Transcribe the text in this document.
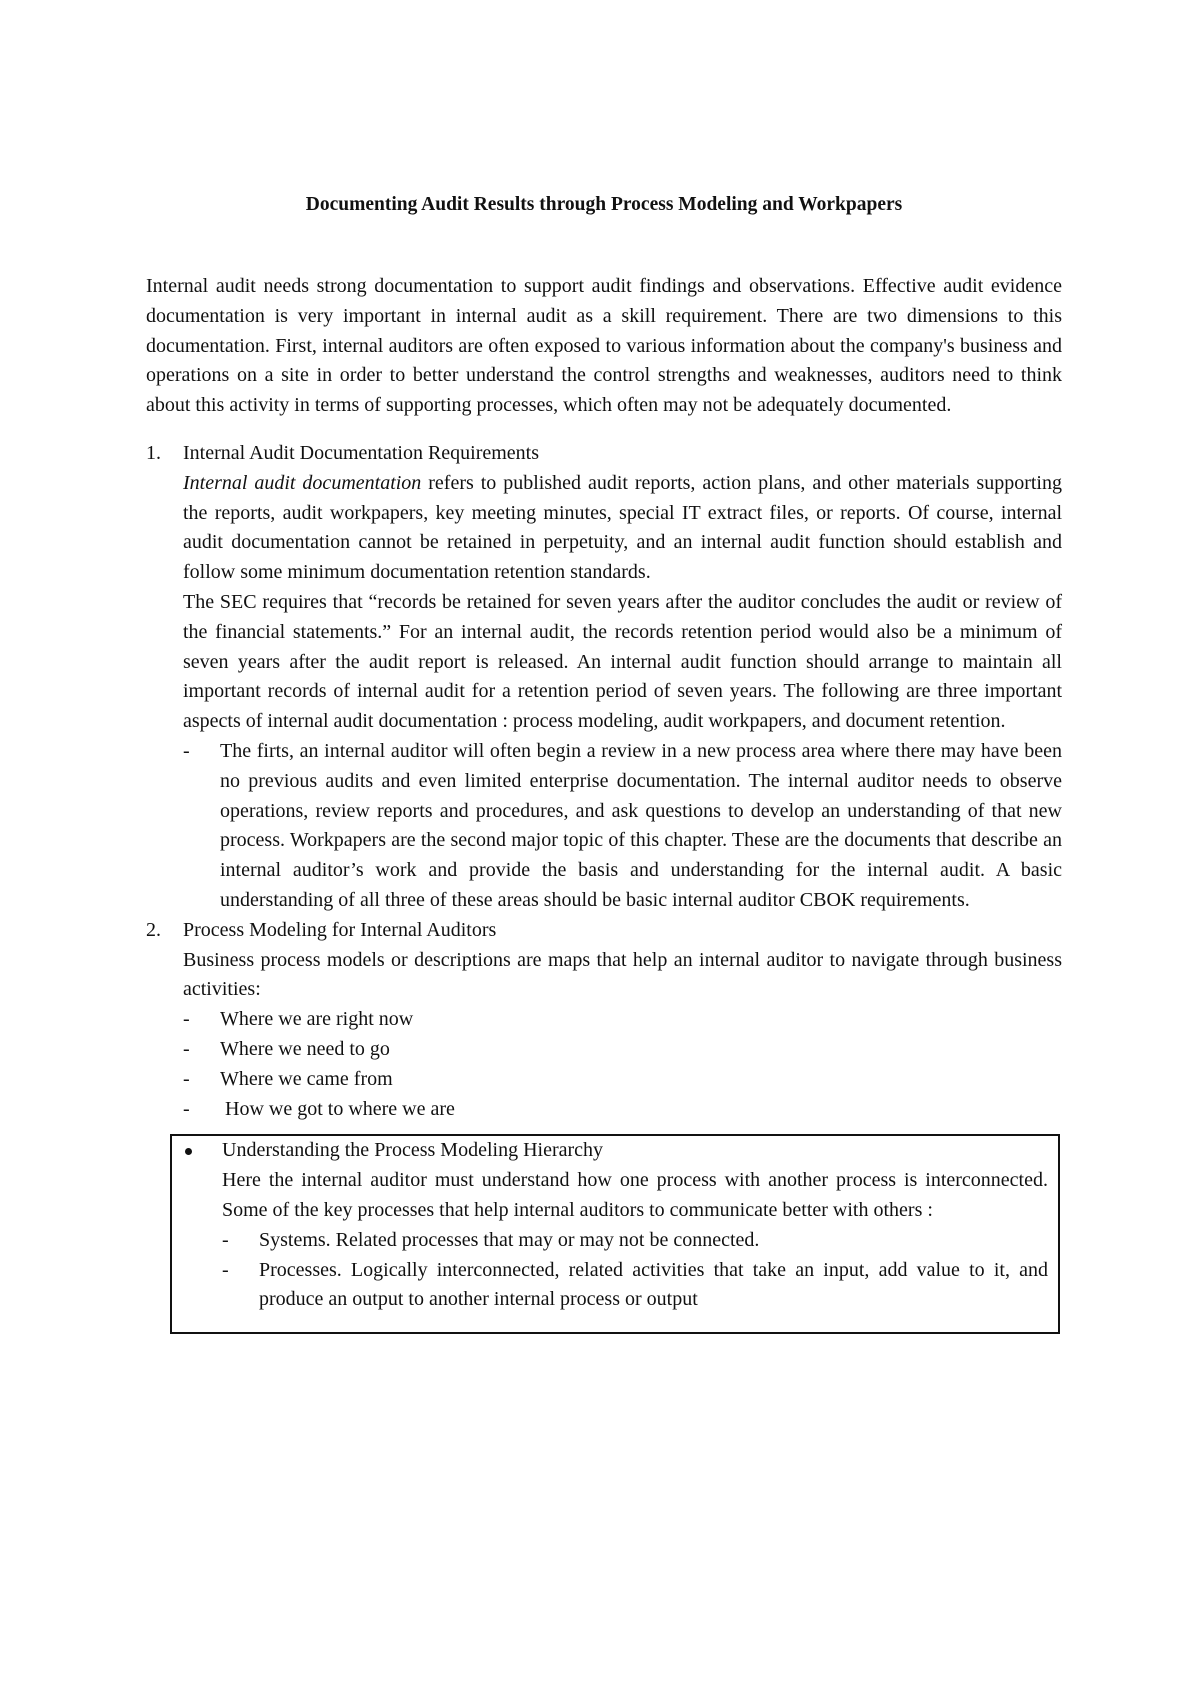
Documenting Audit Results through Process Modeling and Workpapers

Internal audit needs strong documentation to support audit findings and observations. Effective audit evidence documentation is very important in internal audit as a skill requirement. There are two dimensions to this documentation. First, internal auditors are often exposed to various information about the company's business and operations on a site in order to better understand the control strengths and weaknesses, auditors need to think about this activity in terms of supporting processes, which often may not be adequately documented.

1. Internal Audit Documentation Requirements

Internal audit documentation refers to published audit reports, action plans, and other materials supporting the reports, audit workpapers, key meeting minutes, special IT extract files, or reports. Of course, internal audit documentation cannot be retained in perpetuity, and an internal audit function should establish and follow some minimum documentation retention standards.

The SEC requires that “records be retained for seven years after the auditor concludes the audit or review of the financial statements.” For an internal audit, the records retention period would also be a minimum of seven years after the audit report is released. An internal audit function should arrange to maintain all important records of internal audit for a retention period of seven years. The following are three important aspects of internal audit documentation : process modeling, audit workpapers, and document retention.

- The firts, an internal auditor will often begin a review in a new process area where there may have been no previous audits and even limited enterprise documentation. The internal auditor needs to observe operations, review reports and procedures, and ask questions to develop an understanding of that new process. Workpapers are the second major topic of this chapter. These are the documents that describe an internal auditor’s work and provide the basis and understanding for the internal audit. A basic understanding of all three of these areas should be basic internal auditor CBOK requirements.
2. Process Modeling for Internal Auditors

Business process models or descriptions are maps that help an internal auditor to navigate through business activities:

- Where we are right now
- Where we need to go
- Where we came from
- How we got to where we are

Understanding the Process Modeling Hierarchy

Here the internal auditor must understand how one process with another process is interconnected. Some of the key processes that help internal auditors to communicate better with others :

- Systems. Related processes that may or may not be connected.
- Processes. Logically interconnected, related activities that take an input, add value to it, and produce an output to another internal process or output
